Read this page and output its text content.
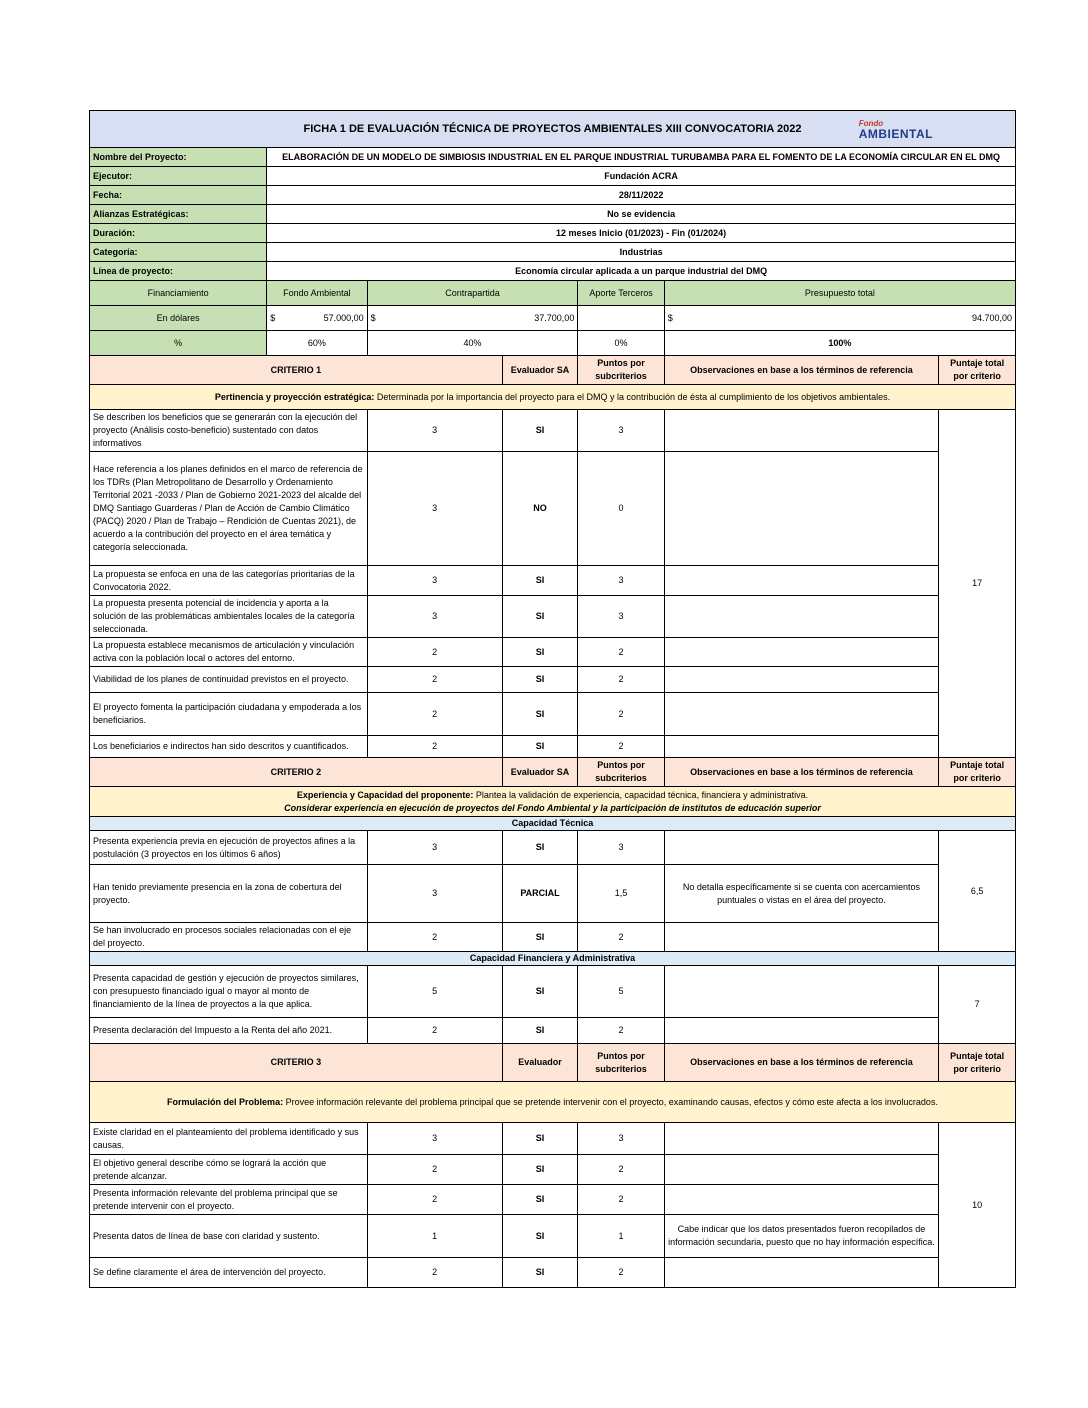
FICHA 1 DE EVALUACIÓN TÉCNICA DE PROYECTOS AMBIENTALES XIII CONVOCATORIA 2022 Fondo
AMBIENTAL						

Nombre del Proyecto:	ELABORACIÓN DE UN MODELO DE SIMBIOSIS INDUSTRIAL EN EL PARQUE INDUSTRIAL TURUBAMBA PARA EL FOMENTO DE LA ECONOMÍA CIRCULAR EN EL DMQ					
Ejecutor:	Fundación ACRA					
Fecha:	28/11/2022					
Alianzas Estratégicas:	No se evidencia					
Duración:	12 meses Inicio (01/2023) - Fin (01/2024)					
Categoría:	Industrias					
Línea de proyecto:	Economía circular aplicada a un parque industrial del DMQ					
Financiamiento	Fondo Ambiental	Contrapartida		Aporte Terceros	Presupuesto total	
En dólares	$ 57.000,00	$ 37.700,00			$ 94.700,00	

%	60%	40%		0%	100%	
CRITERIO 1			Evaluador SA	Puntos por subcriterios	Observaciones en base a los términos de referencia	Puntaje total por criterio
Pertinencia y proyección estratégica: Determinada por la importancia del proyecto para el DMQ y la contribución de ésta al cumplimiento de los objetivos ambientales.						
Se describen los beneficios que se generarán con la ejecución del proyecto (Análisis costo-beneficio) sustentado con datos informativos		3	SI	3		17
Hace referencia a los planes definidos en el marco de referencia de los TDRs (Plan Metropolitano de Desarrollo y Ordenamiento Territorial 2021 -2033 / Plan de Gobierno 2021-2023 del alcalde del DMQ Santiago Guarderas / Plan de Acción de Cambio Climático (PACQ) 2020 / Plan de Trabajo – Rendición de Cuentas 2021), de acuerdo a la contribución del proyecto en el área temática y categoría seleccionada.		3	NO	0		
La propuesta se enfoca en una de las categorías prioritarias de la Convocatoria 2022.		3	SI	3		
La propuesta presenta potencial de incidencia y aporta a la solución de las problemáticas ambientales locales de la categoría seleccionada.		3	SI	3		
La propuesta establece mecanismos de articulación y vinculación activa con la población local o actores del entorno.		2	SI	2		
Viabilidad de los planes de continuidad previstos en el proyecto.		2	SI	2		
El proyecto fomenta la participación ciudadana y empoderada a los beneficiarios.		2	SI	2		
Los beneficiarios e indirectos han sido descritos y cuantificados.		2	SI	2		
CRITERIO 2			Evaluador SA	Puntos por subcriterios	Observaciones en base a los términos de referencia	Puntaje total por criterio
Experiencia y Capacidad del proponente: Plantea la validación de experiencia, capacidad técnica, financiera y administrativa.
Considerar experiencia en ejecución de proyectos del Fondo Ambiental y la participación de institutos de educación superior						
Capacidad Técnica						
Presenta experiencia previa en ejecución de proyectos afines a la postulación (3 proyectos en los últimos 6 años)		3	SI	3		6,5
Han tenido previamente presencia en la zona de cobertura del proyecto.		3	PARCIAL	1,5	No detalla específicamente si se cuenta con acercamientos puntuales o vistas en el área del proyecto.	
Se han involucrado en procesos sociales relacionadas con el eje del proyecto.		2	SI	2		
Capacidad Financiera y Administrativa						
Presenta capacidad de gestión y ejecución de proyectos similares, con presupuesto financiado igual o mayor al monto de financiamiento de la línea de proyectos a la que aplica.		5	SI	5		7
Presenta declaración del Impuesto a la Renta del año 2021.		2	SI	2		
CRITERIO 3			Evaluador	Puntos por subcriterios	Observaciones en base a los términos de referencia	Puntaje total por criterio
Formulación del Problema: Provee información relevante del problema principal que se pretende intervenir con el proyecto, examinando causas, efectos y cómo este afecta a los involucrados.						
Existe claridad en el planteamiento del problema identificado y sus causas.		3	SI	3		10
El objetivo general describe cómo se logrará la acción que pretende alcanzar.		2	SI	2		
Presenta información relevante del problema principal que se pretende intervenir con el proyecto.		2	SI	2		
Presenta datos de línea de base con claridad y sustento.		1	SI	1	Cabe indicar que los datos presentados fueron recopilados de información secundaria, puesto que no hay información específica.	
Se define claramente el área de intervención del proyecto.		2	SI	2		
